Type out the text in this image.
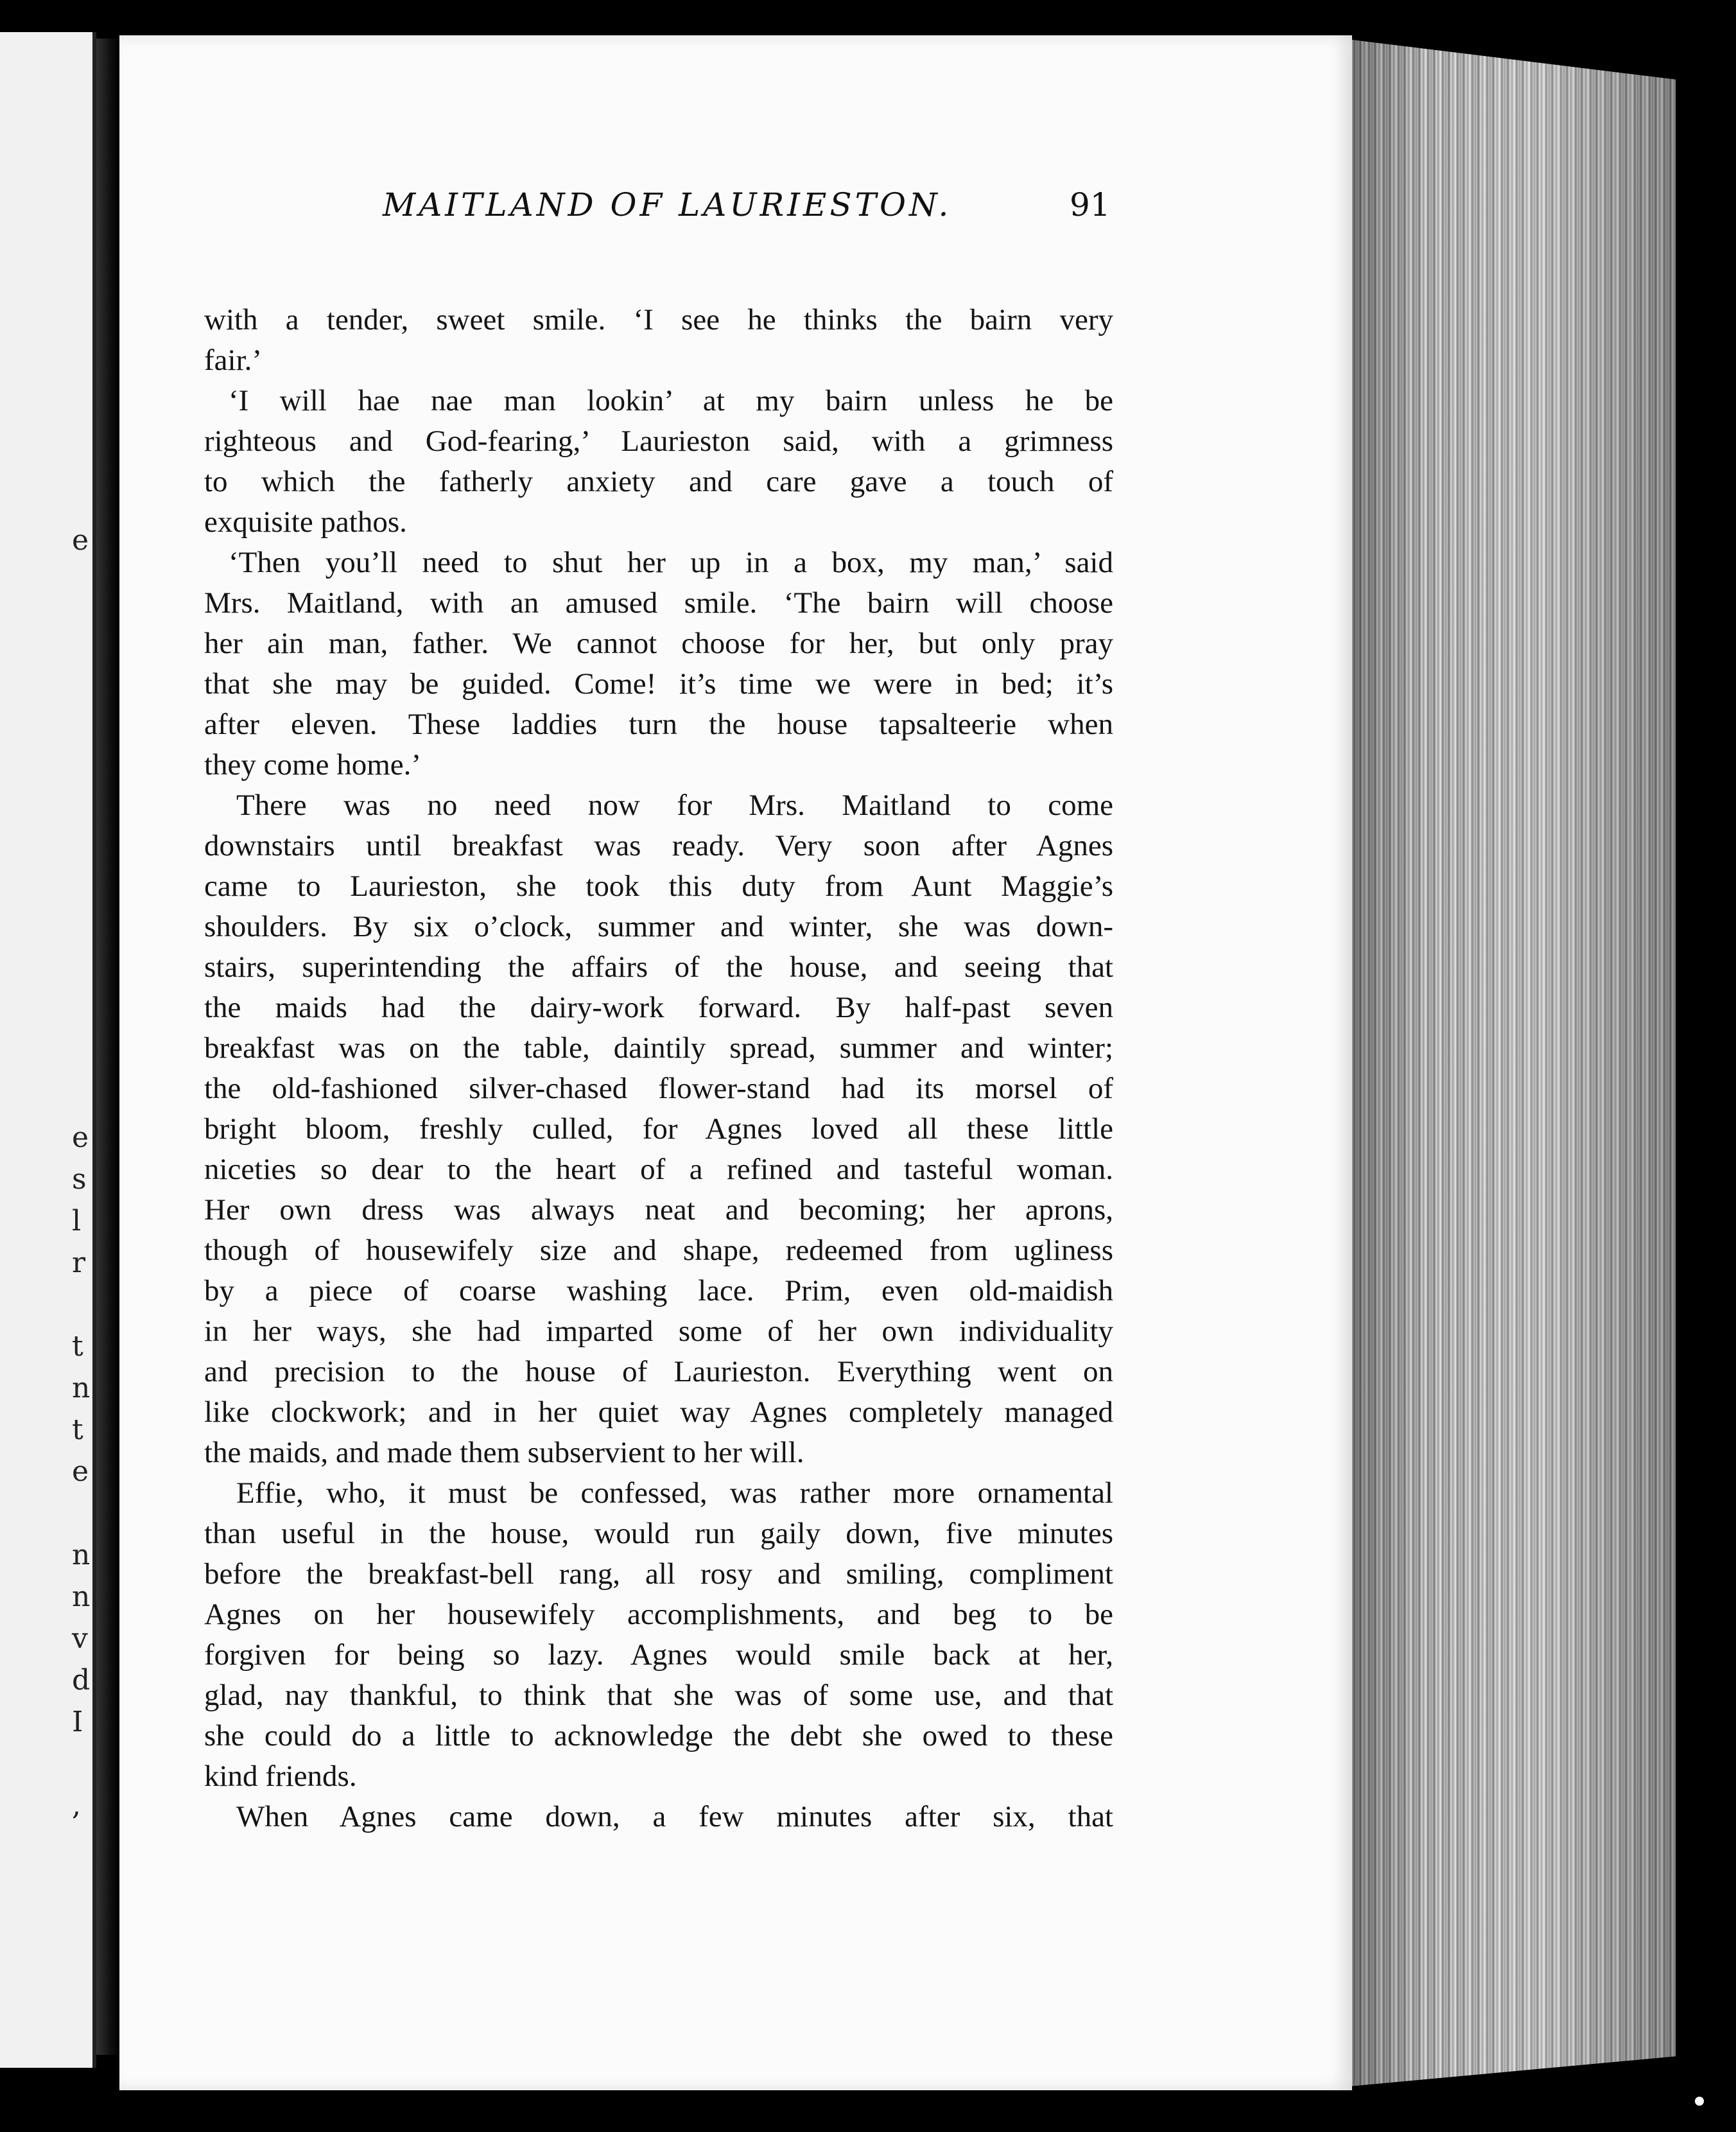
e
e
s
l
r
t
n
t
e
n
n
v
d
I
,
MAITLAND OF LAURIESTON.	91
with a tender, sweet smile. ‘I see he thinks the bairn very
fair.’
‘I will hae nae man lookin’ at my bairn unless he be
righteous and God-fearing,’ Laurieston said, with a grimness
to which the fatherly anxiety and care gave a touch of
exquisite pathos.
‘Then you’ll need to shut her up in a box, my man,’ said
Mrs. Maitland, with an amused smile. ‘The bairn will choose
her ain man, father. We cannot choose for her, but only pray
that she may be guided. Come! it’s time we were in bed; it’s
after eleven. These laddies turn the house tapsalteerie when
they come home.’
There was no need now for Mrs. Maitland to come
downstairs until breakfast was ready. Very soon after Agnes
came to Laurieston, she took this duty from Aunt Maggie’s
shoulders. By six o’clock, summer and winter, she was down-
stairs, superintending the affairs of the house, and seeing that
the maids had the dairy-work forward. By half-past seven
breakfast was on the table, daintily spread, summer and winter;
the old-fashioned silver-chased flower-stand had its morsel of
bright bloom, freshly culled, for Agnes loved all these little
niceties so dear to the heart of a refined and tasteful woman.
Her own dress was always neat and becoming; her aprons,
though of housewifely size and shape, redeemed from ugliness
by a piece of coarse washing lace. Prim, even old-maidish
in her ways, she had imparted some of her own individuality
and precision to the house of Laurieston. Everything went on
like clockwork; and in her quiet way Agnes completely managed
the maids, and made them subservient to her will.
Effie, who, it must be confessed, was rather more ornamental
than useful in the house, would run gaily down, five minutes
before the breakfast-bell rang, all rosy and smiling, compliment
Agnes on her housewifely accomplishments, and beg to be
forgiven for being so lazy. Agnes would smile back at her,
glad, nay thankful, to think that she was of some use, and that
she could do a little to acknowledge the debt she owed to these
kind friends.
When Agnes came down, a few minutes after six, that
